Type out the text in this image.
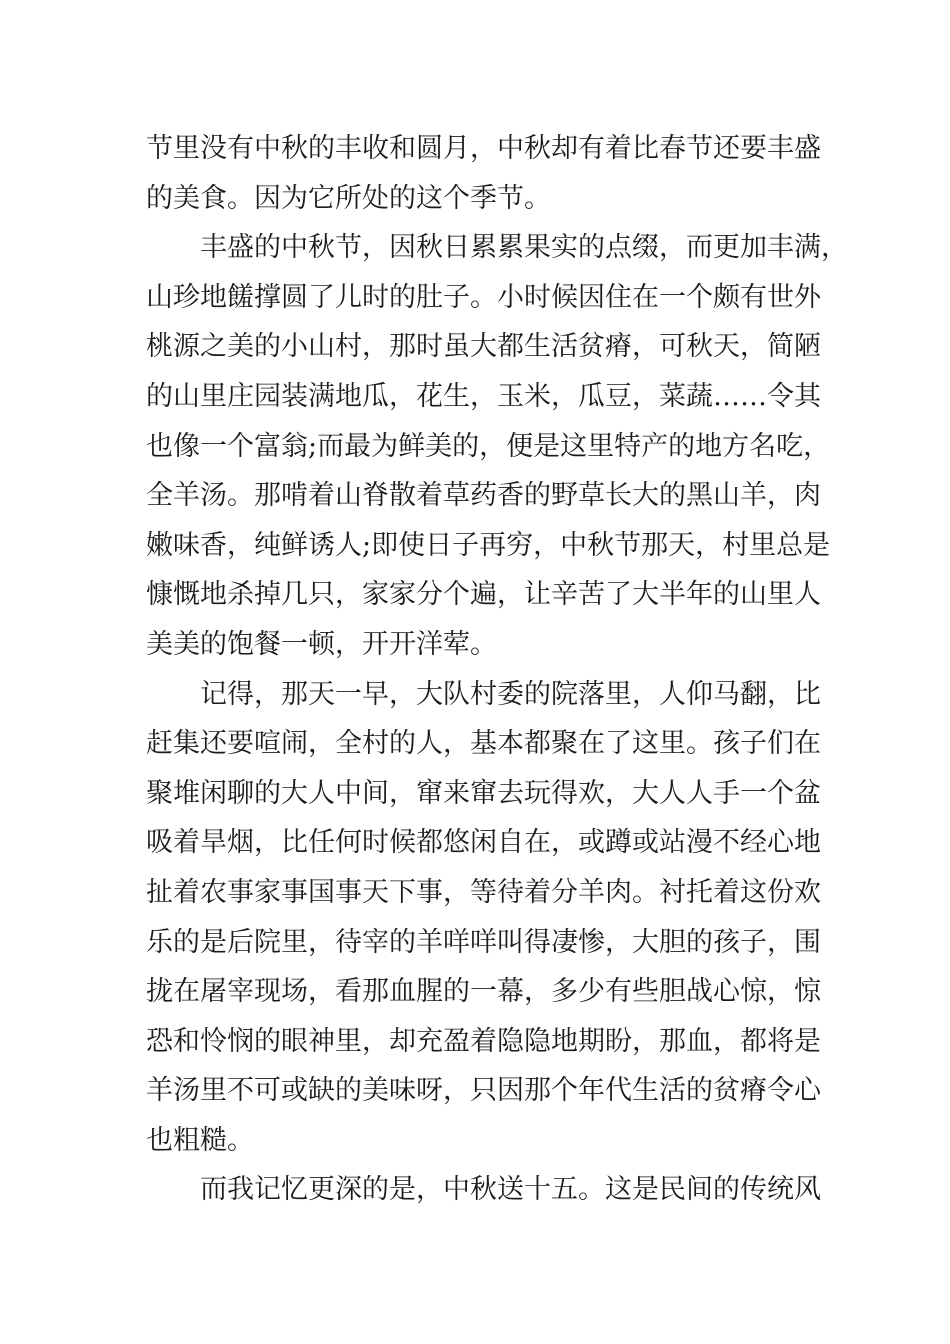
节里没有中秋的丰收和圆月，中秋却有着比春节还要丰盛
的美食。因为它所处的这个季节。
丰盛的中秋节，因秋日累累果实的点缀，而更加丰满，
山珍地饈撑圆了儿时的肚子。小时候因住在一个颇有世外
桃源之美的小山村，那时虽大都生活贫瘠，可秋天，简陋
的山里庄园装满地瓜，花生，玉米，瓜豆，菜蔬……令其
也像一个富翁;而最为鲜美的，便是这里特产的地方名吃，
全羊汤。那啃着山脊散着草药香的野草长大的黑山羊，肉
嫩味香，纯鲜诱人;即使日子再穷，中秋节那天，村里总是
慷慨地杀掉几只，家家分个遍，让辛苦了大半年的山里人
美美的饱餐一顿，开开洋荤。
记得，那天一早，大队村委的院落里，人仰马翻，比
赶集还要喧闹，全村的人，基本都聚在了这里。孩子们在
聚堆闲聊的大人中间，窜来窜去玩得欢，大人人手一个盆
吸着旱烟，比任何时候都悠闲自在，或蹲或站漫不经心地
扯着农事家事国事天下事，等待着分羊肉。衬托着这份欢
乐的是后院里，待宰的羊咩咩叫得凄惨，大胆的孩子，围
拢在屠宰现场，看那血腥的一幕，多少有些胆战心惊，惊
恐和怜悯的眼神里，却充盈着隐隐地期盼，那血，都将是
羊汤里不可或缺的美味呀，只因那个年代生活的贫瘠令心
也粗糙。
而我记忆更深的是，中秋送十五。这是民间的传统风
